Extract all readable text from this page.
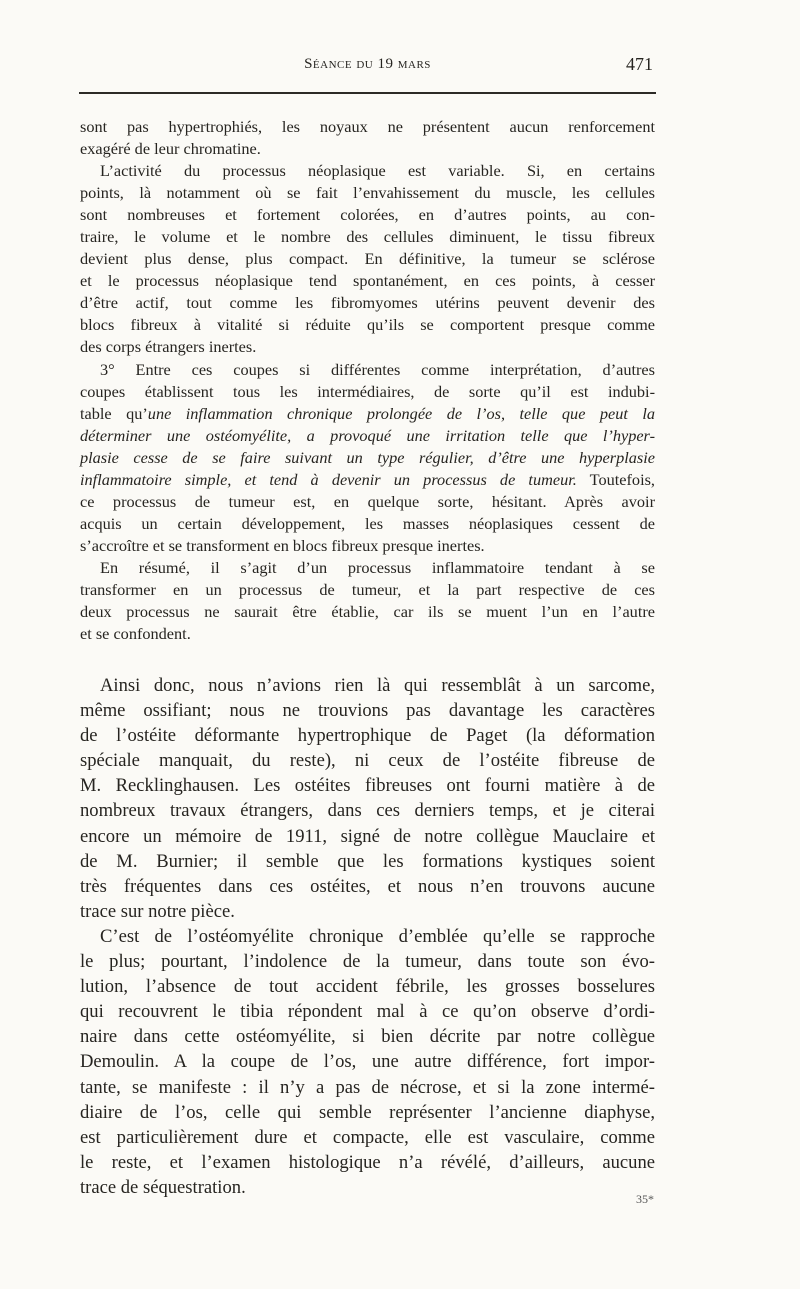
Séance du 19 mars	471
sont pas hypertrophiés, les noyaux ne présentent aucun renforcement
exagéré de leur chromatine.
L’activité du processus néoplasique est variable. Si, en certains
points, là notamment où se fait l’envahissement du muscle, les cellules
sont nombreuses et fortement colorées, en d’autres points, au con-
traire, le volume et le nombre des cellules diminuent, le tissu fibreux
devient plus dense, plus compact. En définitive, la tumeur se sclérose
et le processus néoplasique tend spontanément, en ces points, à cesser
d’être actif, tout comme les fibromyomes utérins peuvent devenir des
blocs fibreux à vitalité si réduite qu’ils se comportent presque comme
des corps étrangers inertes.
3° Entre ces coupes si différentes comme interprétation, d’autres
coupes établissent tous les intermédiaires, de sorte qu’il est indubi-
table qu’une inflammation chronique prolongée de l’os, telle que peut la
déterminer une ostéomyélite, a provoqué une irritation telle que l’hyper-
plasie cesse de se faire suivant un type régulier, d’être une hyperplasie
inflammatoire simple, et tend à devenir un processus de tumeur. Toutefois,
ce processus de tumeur est, en quelque sorte, hésitant. Après avoir
acquis un certain développement, les masses néoplasiques cessent de
s’accroître et se transforment en blocs fibreux presque inertes.
En résumé, il s’agit d’un processus inflammatoire tendant à se
transformer en un processus de tumeur, et la part respective de ces
deux processus ne saurait être établie, car ils se muent l’un en l’autre
et se confondent.
Ainsi donc, nous n’avions rien là qui ressemblât à un sarcome,
même ossifiant; nous ne trouvions pas davantage les caractères
de l’ostéite déformante hypertrophique de Paget (la déformation
spéciale manquait, du reste), ni ceux de l’ostéite fibreuse de
M. Recklinghausen. Les ostéites fibreuses ont fourni matière à de
nombreux travaux étrangers, dans ces derniers temps, et je citerai
encore un mémoire de 1911, signé de notre collègue Mauclaire et
de M. Burnier; il semble que les formations kystiques soient
très fréquentes dans ces ostéites, et nous n’en trouvons aucune
trace sur notre pièce.
C’est de l’ostéomyélite chronique d’emblée qu’elle se rapproche
le plus; pourtant, l’indolence de la tumeur, dans toute son évo-
lution, l’absence de tout accident fébrile, les grosses bosselures
qui recouvrent le tibia répondent mal à ce qu’on observe d’ordi-
naire dans cette ostéomyélite, si bien décrite par notre collègue
Demoulin. A la coupe de l’os, une autre différence, fort impor-
tante, se manifeste : il n’y a pas de nécrose, et si la zone intermé-
diaire de l’os, celle qui semble représenter l’ancienne diaphyse,
est particulièrement dure et compacte, elle est vasculaire, comme
le reste, et l’examen histologique n’a révélé, d’ailleurs, aucune
trace de séquestration.
35*
